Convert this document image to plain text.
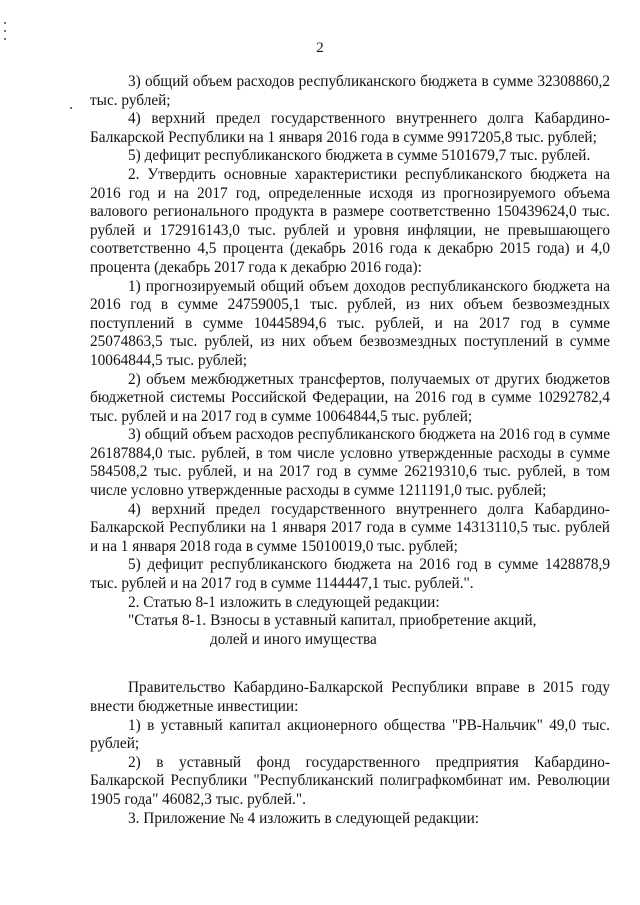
2

3) общий объем расходов республиканского бюджета в сумме 32308860,2 тыс. рублей;

4) верхний предел государственного внутреннего долга Кабардино-Балкарской Республики на 1 января 2016 года в сумме 9917205,8 тыс. рублей;

5) дефицит республиканского бюджета в сумме 5101679,7 тыс. рублей.

2. Утвердить основные характеристики республиканского бюджета на 2016 год и на 2017 год, определенные исходя из прогнозируемого объема валового регионального продукта в размере соответственно 150439624,0 тыс. рублей и 172916143,0 тыс. рублей и уровня инфляции, не превышающего соответственно 4,5 процента (декабрь 2016 года к декабрю 2015 года) и 4,0 процента (декабрь 2017 года к декабрю 2016 года):

1) прогнозируемый общий объем доходов республиканского бюджета на 2016 год в сумме 24759005,1 тыс. рублей, из них объем безвозмездных поступлений в сумме 10445894,6 тыс. рублей, и на 2017 год в сумме 25074863,5 тыс. рублей, из них объем безвозмездных поступлений в сумме 10064844,5 тыс. рублей;

2) объем межбюджетных трансфертов, получаемых от других бюджетов бюджетной системы Российской Федерации, на 2016 год в сумме 10292782,4 тыс. рублей и на 2017 год в сумме 10064844,5 тыс. рублей;

3) общий объем расходов республиканского бюджета на 2016 год в сумме 26187884,0 тыс. рублей, в том числе условно утвержденные расходы в сумме 584508,2 тыс. рублей, и на 2017 год в сумме 26219310,6 тыс. рублей, в том числе условно утвержденные расходы в сумме 1211191,0 тыс. рублей;

4) верхний предел государственного внутреннего долга Кабардино-Балкарской Республики на 1 января 2017 года в сумме 14313110,5 тыс. рублей и на 1 января 2018 года в сумме 15010019,0 тыс. рублей;

5) дефицит республиканского бюджета на 2016 год в сумме 1428878,9 тыс. рублей и на 2017 год в сумме 1144447,1 тыс. рублей.".

2. Статью 8-1 изложить в следующей редакции:

"Статья 8-1. Взносы в уставный капитал, приобретение акций,
долей и иного имущества

Правительство Кабардино-Балкарской Республики вправе в 2015 году внести бюджетные инвестиции:

1) в уставный капитал акционерного общества "РВ-Нальчик" 49,0 тыс. рублей;

2) в уставный фонд государственного предприятия Кабардино-Балкарской Республики "Республиканский полиграфкомбинат им. Революции 1905 года" 46082,3 тыс. рублей.".

3. Приложение № 4 изложить в следующей редакции:
